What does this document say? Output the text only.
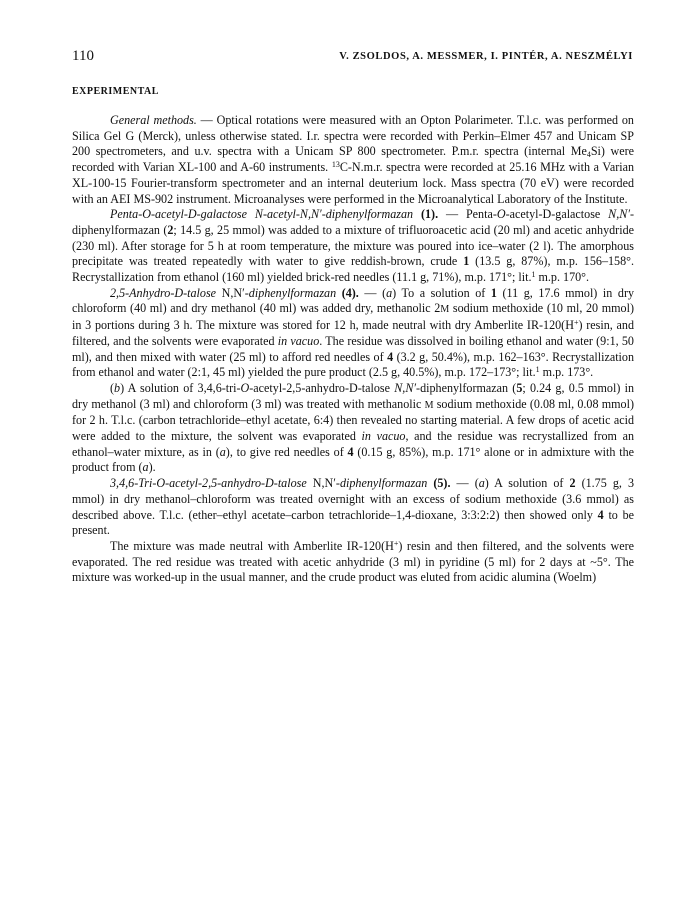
110	V. ZSOLDOS, A. MESSMER, I. PINTÉR, A. NESZMÉLYI
EXPERIMENTAL

General methods. — Optical rotations were measured with an Opton Polarimeter. T.l.c. was performed on Silica Gel G (Merck), unless otherwise stated. I.r. spectra were recorded with Perkin–Elmer 457 and Unicam SP 200 spectrometers, and u.v. spectra with a Unicam SP 800 spectrometer. P.m.r. spectra (internal $Me_4Si$) were recorded with Varian XL-100 and A-60 instruments. $^{13}$C-N.m.r. spectra were recorded at 25.16 MHz with a Varian XL-100-15 Fourier-transform spectrometer and an internal deuterium lock. Mass spectra (70 eV) were recorded with an AEI MS-902 instrument. Microanalyses were performed in the Microanalytical Laboratory of the Institute.

Penta-O-acetyl-D-galactose N-acetyl-N,N′-diphenylformazan (1). — Penta-O-acetyl-D-galactose N,N′-diphenylformazan (2; 14.5 g, 25 mmol) was added to a mixture of trifluoroacetic acid (20 ml) and acetic anhydride (230 ml). After storage for 5 h at room temperature, the mixture was poured into ice–water (2 l). The amorphous precipitate was treated repeatedly with water to give reddish-brown, crude 1 (13.5 g, 87%), m.p. 156–158°. Recrystallization from ethanol (160 ml) yielded brick-red needles (11.1 g, 71%), m.p. 171°; lit.$^1$ m.p. 170°.

2,5-Anhydro-D-talose N,N′-diphenylformazan (4). — (a) To a solution of 1 (11 g, 17.6 mmol) in dry chloroform (40 ml) and dry methanol (40 ml) was added dry, methanolic 2M sodium methoxide (10 ml, 20 mmol) in 3 portions during 3 h. The mixture was stored for 12 h, made neutral with dry Amberlite IR-120(H+) resin, and filtered, and the solvents were evaporated in vacuo. The residue was dissolved in boiling ethanol and water (9:1, 50 ml), and then mixed with water (25 ml) to afford red needles of 4 (3.2 g, 50.4%), m.p. 162–163°. Recrystallization from ethanol and water (2:1, 45 ml) yielded the pure product (2.5 g, 40.5%), m.p. 172–173°; lit.$^1$ m.p. 173°.

(b) A solution of 3,4,6-tri-O-acetyl-2,5-anhydro-D-talose N,N′-diphenylformazan (5; 0.24 g, 0.5 mmol) in dry methanol (3 ml) and chloroform (3 ml) was treated with methanolic M sodium methoxide (0.08 ml, 0.08 mmol) for 2 h. T.l.c. (carbon tetrachloride–ethyl acetate, 6:4) then revealed no starting material. A few drops of acetic acid were added to the mixture, the solvent was evaporated in vacuo, and the residue was recrystallized from an ethanol–water mixture, as in (a), to give red needles of 4 (0.15 g, 85%), m.p. 171° alone or in admixture with the product from (a).

3,4,6-Tri-O-acetyl-2,5-anhydro-D-talose N,N′-diphenylformazan (5). — (a) A solution of 2 (1.75 g, 3 mmol) in dry methanol–chloroform was treated overnight with an excess of sodium methoxide (3.6 mmol) as described above. T.l.c. (ether–ethyl acetate–carbon tetrachloride–1,4-dioxane, 3:3:2:2) then showed only 4 to be present.

The mixture was made neutral with Amberlite IR-120(H+) resin and then filtered, and the solvents were evaporated. The red residue was treated with acetic anhydride (3 ml) in pyridine (5 ml) for 2 days at ~5°. The mixture was worked-up in the usual manner, and the crude product was eluted from acidic alumina (Woelm)
